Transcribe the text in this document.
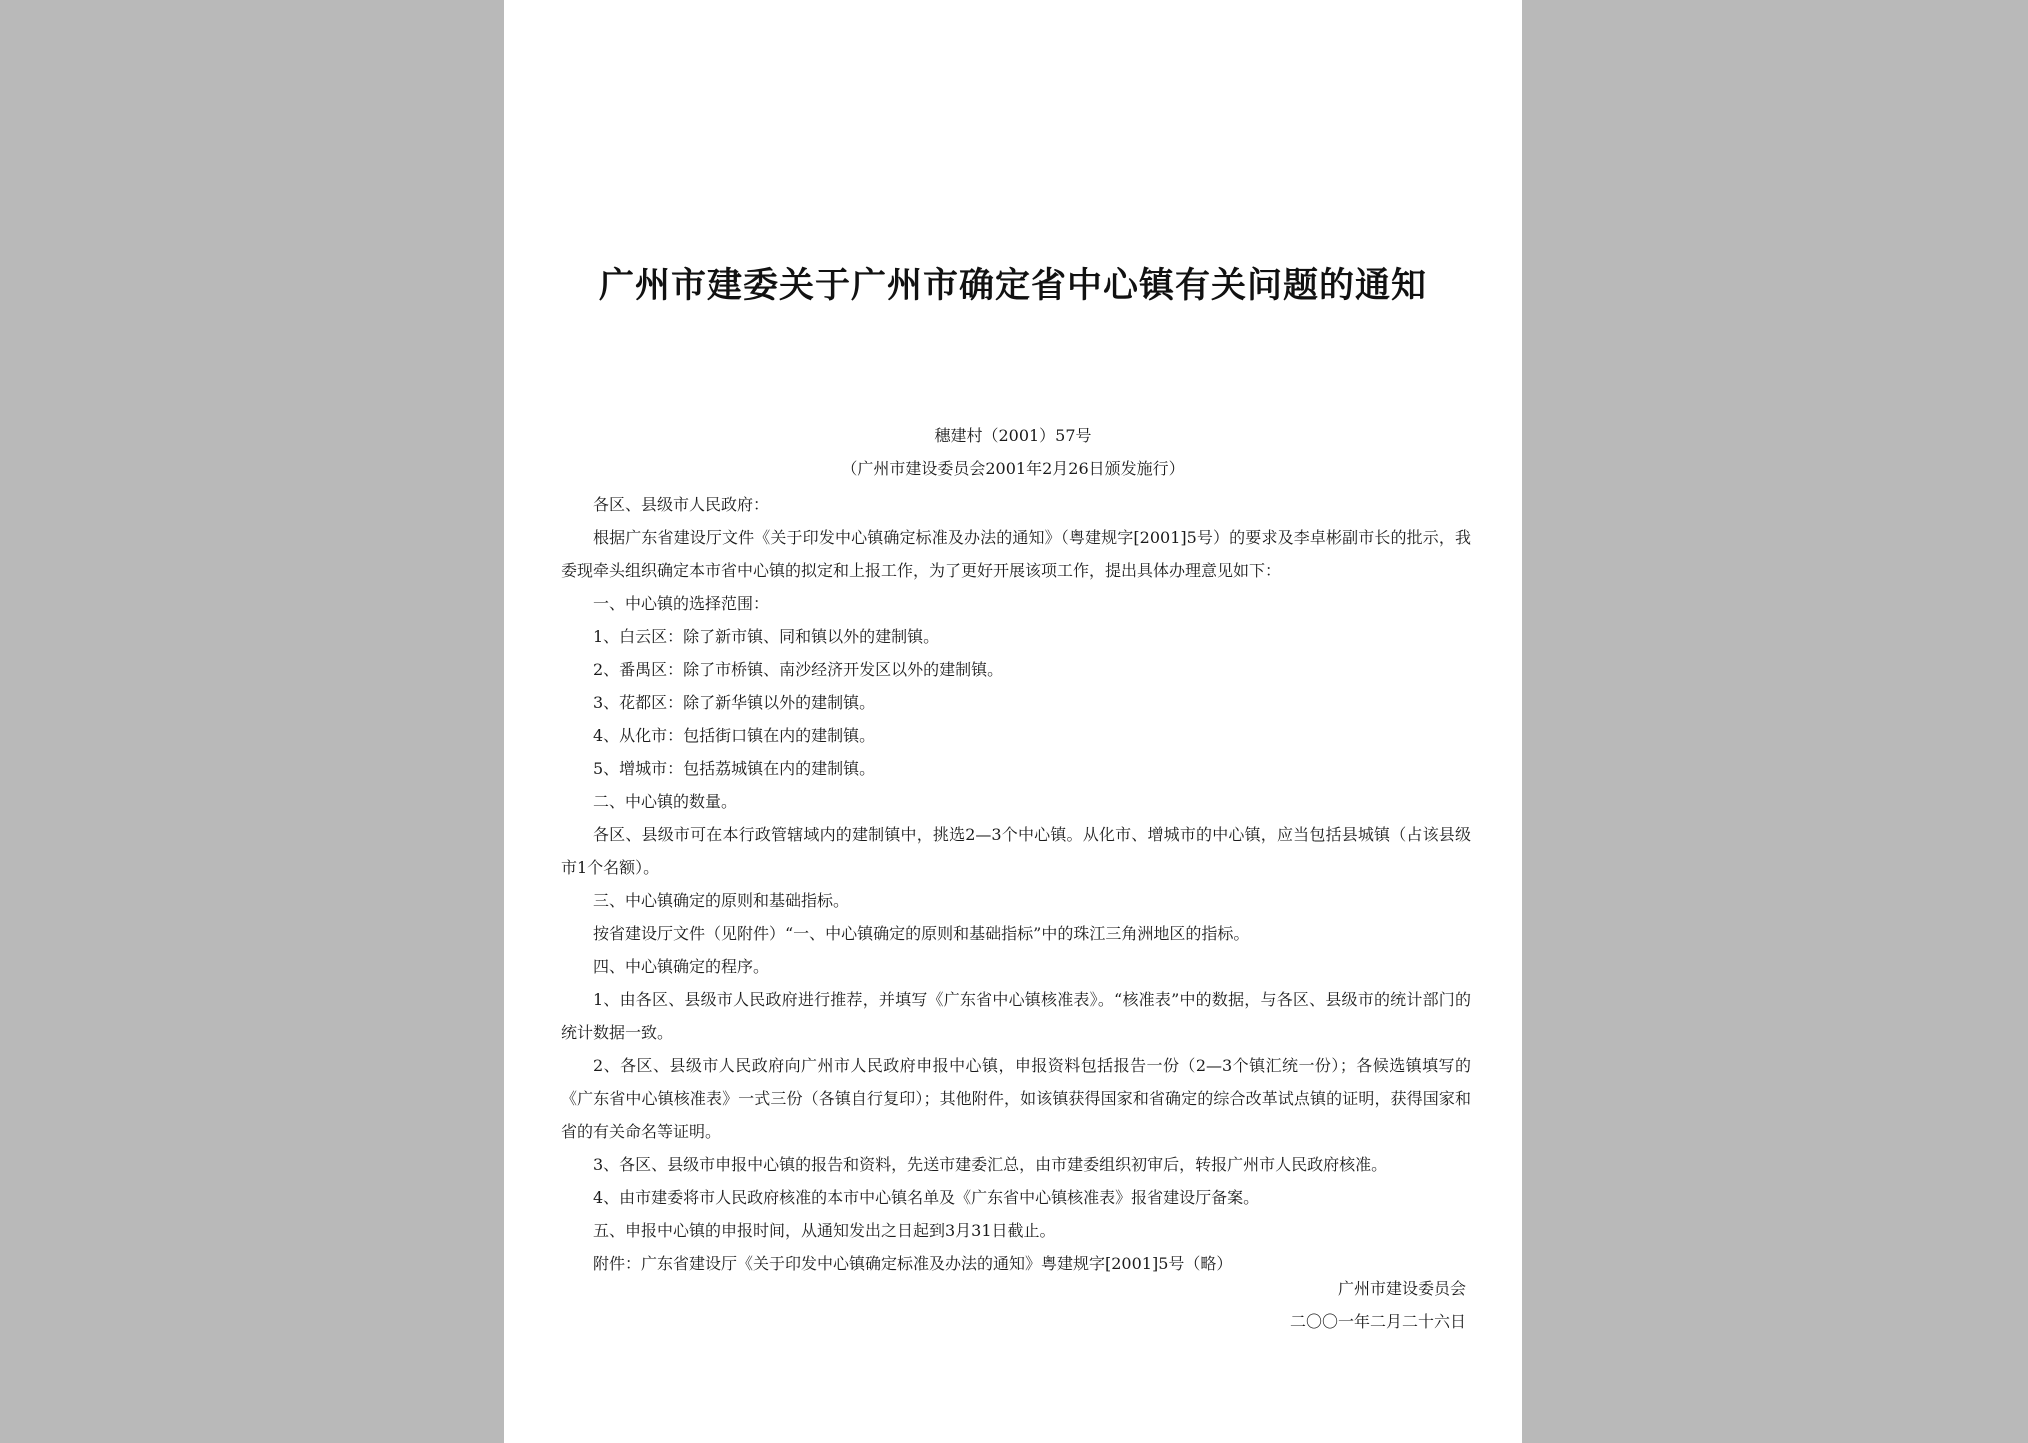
广州市建委关于广州市确定省中心镇有关问题的通知
穗建村（2001）57号
（广州市建设委员会2001年2月26日颁发施行）

各区、县级市人民政府：

根据广东省建设厅文件《关于印发中心镇确定标准及办法的通知》（粤建规字[2001]5号）的要求及李卓彬副市长的批示，我委现牵头组织确定本市省中心镇的拟定和上报工作，为了更好开展该项工作，提出具体办理意见如下：

一、中心镇的选择范围：

1、白云区：除了新市镇、同和镇以外的建制镇。

2、番禺区：除了市桥镇、南沙经济开发区以外的建制镇。

3、花都区：除了新华镇以外的建制镇。

4、从化市：包括街口镇在内的建制镇。

5、增城市：包括荔城镇在内的建制镇。

二、中心镇的数量。

各区、县级市可在本行政管辖域内的建制镇中，挑选2—3个中心镇。从化市、增城市的中心镇，应当包括县城镇（占该县级市1个名额）。

三、中心镇确定的原则和基础指标。

按省建设厅文件（见附件）“一、中心镇确定的原则和基础指标”中的珠江三角洲地区的指标。

四、中心镇确定的程序。

1、由各区、县级市人民政府进行推荐，并填写《广东省中心镇核准表》。“核准表”中的数据，与各区、县级市的统计部门的统计数据一致。

2、各区、县级市人民政府向广州市人民政府申报中心镇，申报资料包括报告一份（2—3个镇汇统一份）；各候选镇填写的《广东省中心镇核准表》一式三份（各镇自行复印）；其他附件，如该镇获得国家和省确定的综合改革试点镇的证明，获得国家和省的有关命名等证明。

3、各区、县级市申报中心镇的报告和资料，先送市建委汇总，由市建委组织初审后，转报广州市人民政府核准。

4、由市建委将市人民政府核准的本市中心镇名单及《广东省中心镇核准表》报省建设厅备案。

五、申报中心镇的申报时间，从通知发出之日起到3月31日截止。

附件：广东省建设厅《关于印发中心镇确定标准及办法的通知》粤建规字[2001]5号（略）

广州市建设委员会
二〇〇一年二月二十六日
